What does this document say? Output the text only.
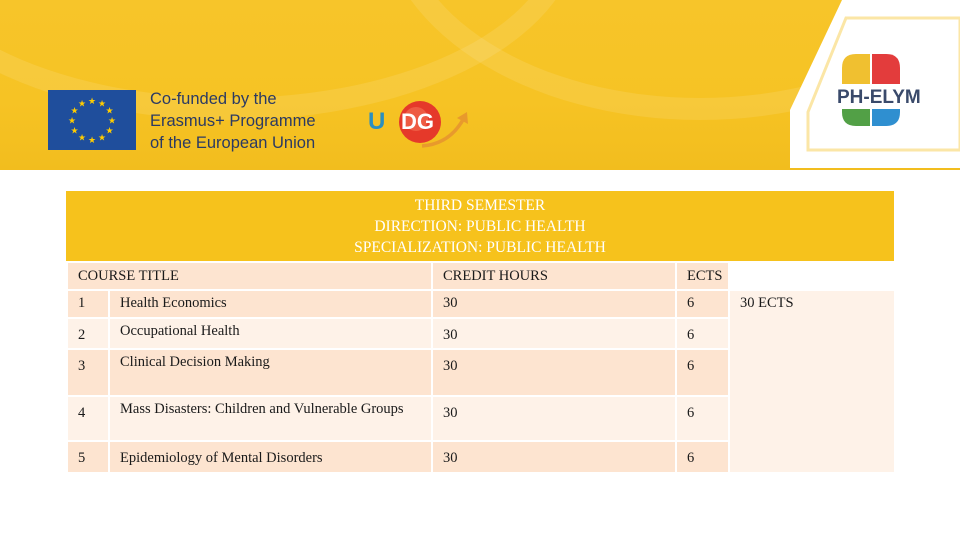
★ ★
★
★
★
★
★
★
★
★
★
★	Co-funded by the
Erasmus+ Programme
of the European Union
U DG
PH-ELYM
THIRD SEMESTER
DIRECTION: PUBLIC HEALTH
SPECIALIZATION: PUBLIC HEALTH
COURSE TITLE		CREDIT HOURS	ECTS	
1	Health Economics	30	6	30 ECTS
2	Occupational Health	30	6	
3	Clinical Decision Making	30	6	
4	Mass Disasters: Children and Vulnerable Groups	30	6	
5	Epidemiology of Mental Disorders	30	6	
